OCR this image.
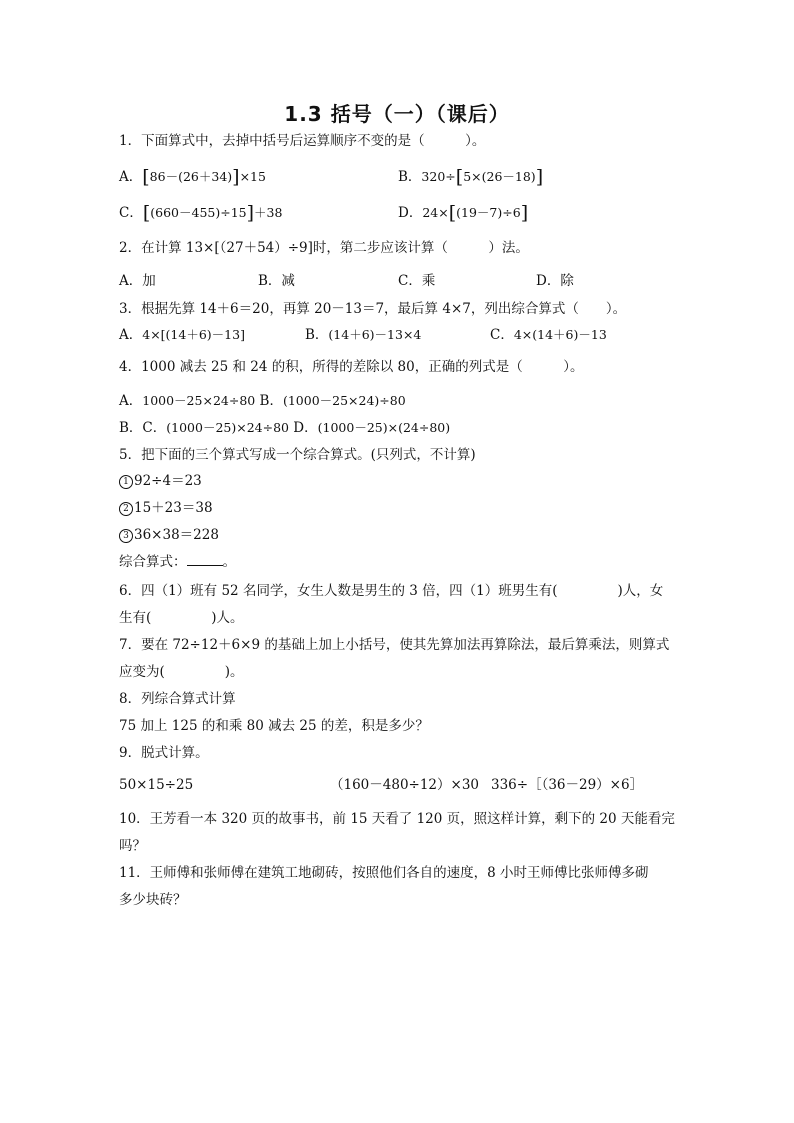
1.3 括号（一）（课后）
1．下面算式中，去掉中括号后运算顺序不变的是（　　　）。
A．[86－(26＋34)]×15	B．320÷[5×(26－18)]
C．[(660－455)÷15]＋38	D．24×[(19－7)÷6]
2．在计算 13×[（27＋54）÷9]时，第二步应该计算（　　　）法。
A．加	B．减	C．乘	D．除
3．根据先算 14＋6＝20，再算 20－13＝7，最后算 4×7，列出综合算式（　　）。
A．4×[(14＋6)－13]	B．(14＋6)－13×4	C．4×(14＋6)－13
4．1000 减去 25 和 24 的积，所得的差除以 80，正确的列式是（　　　）。
A．1000－25×24÷80 B．(1000－25×24)÷80
B．C．(1000－25)×24÷80 D．(1000－25)×(24÷80)
5．把下面的三个算式写成一个综合算式。(只列式，不计算)
1 92÷4＝23
2 15＋23＝38
3 36×38＝228
综合算式：	。
6．四（1）班有 52 名同学，女生人数是男生的 3 倍，四（1）班男生有(	)人，女
生有(	)人。
7．要在 72÷12＋6×9 的基础上加上小括号，使其先算加法再算除法，最后算乘法，则算式
应变为(	)。
8．列综合算式计算
75 加上 125 的和乘 80 减去 25 的差，积是多少？
9．脱式计算。
50×15÷25	（160－480÷12）×30 336÷［（36－29）×6］
10．王芳看一本 320 页的故事书，前 15 天看了 120 页，照这样计算，剩下的 20 天能看完
吗？
11．王师傅和张师傅在建筑工地砌砖，按照他们各自的速度，8 小时王师傅比张师傅多砌
多少块砖？
